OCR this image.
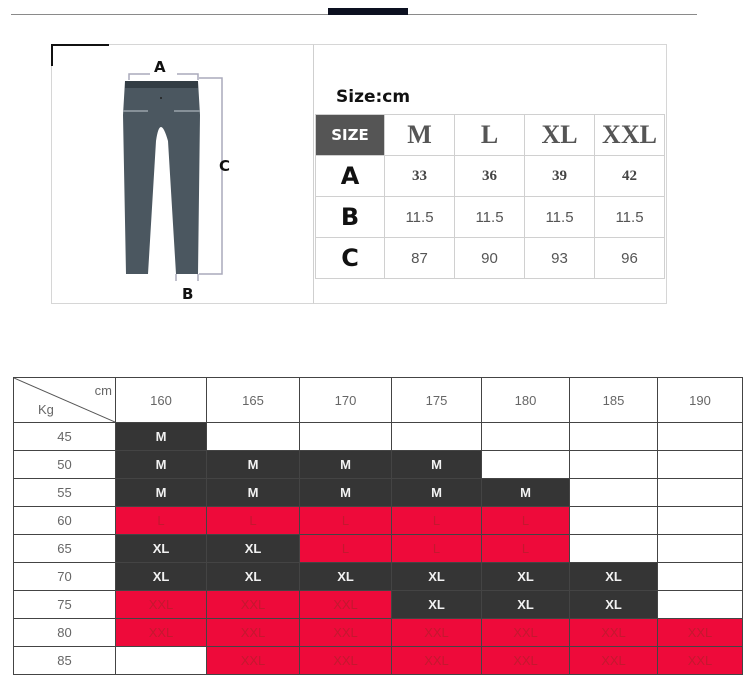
A
C
B
Size:cm
SIZE	M	L	XL	XXL
A	33	36	39	42
B	11.5	11.5	11.5	11.5
C	87	90	93	96

cm
Kg	160	165	170	175	180	185	190
45	M						
50	M	M	M	M			
55	M	M	M	M	M		
60	L	L	L	L	L		
65	XL	XL	L	L	L		
70	XL	XL	XL	XL	XL	XL	
75	XXL	XXL	XXL	XL	XL	XL	
80	XXL	XXL	XXL	XXL	XXL	XXL	XXL
85		XXL	XXL	XXL	XXL	XXL	XXL
